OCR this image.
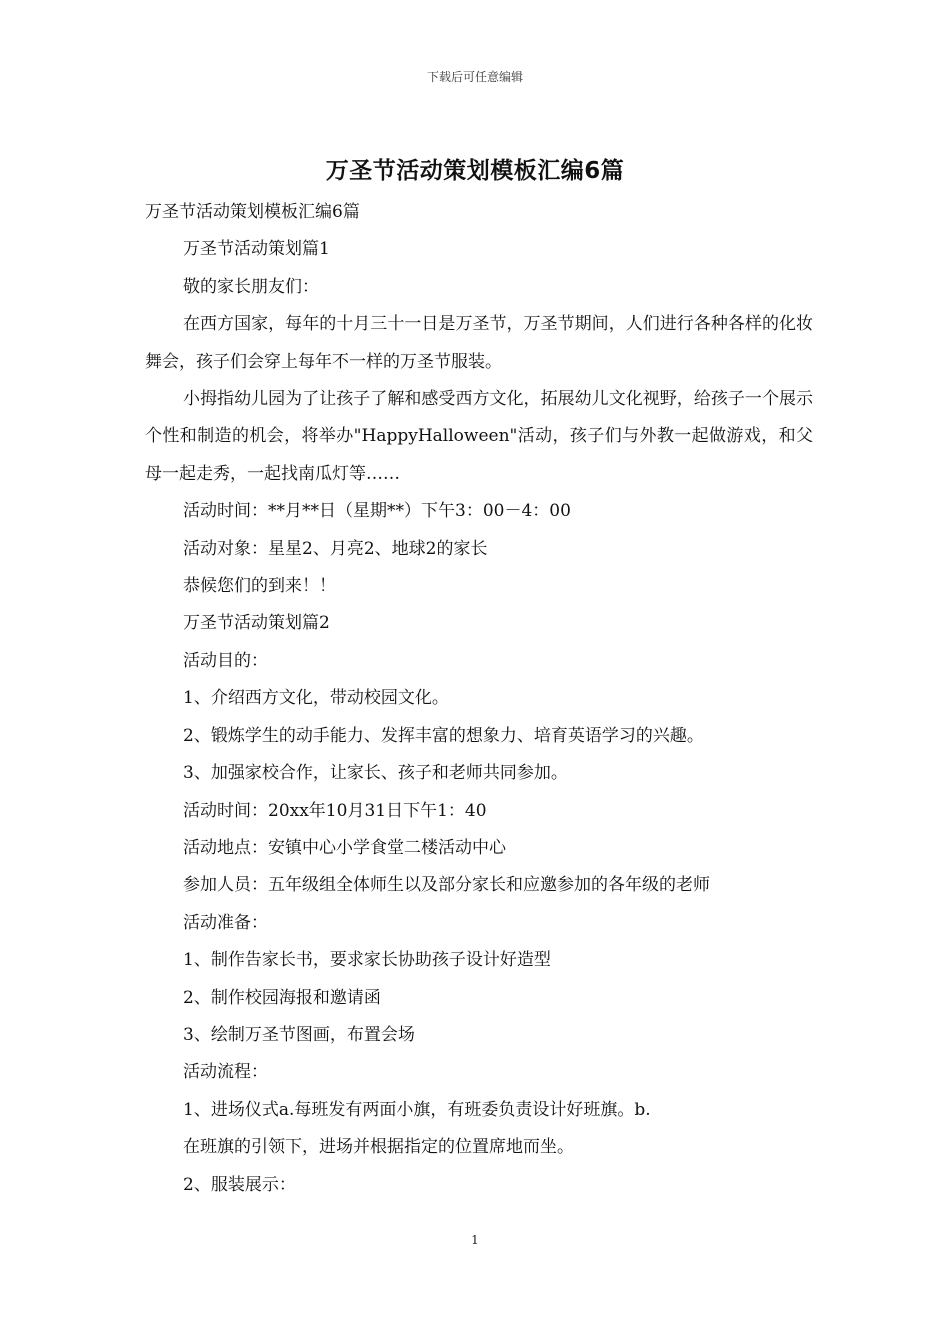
下载后可任意编辑
万圣节活动策划模板汇编6篇

万圣节活动策划模板汇编6篇

万圣节活动策划篇1

敬的家长朋友们：

在西方国家，每年的十月三十一日是万圣节，万圣节期间，人们进行各种各样的化妆舞会，孩子们会穿上每年不一样的万圣节服装。

小拇指幼儿园为了让孩子了解和感受西方文化，拓展幼儿文化视野，给孩子一个展示个性和制造的机会，将举办"HappyHalloween"活动，孩子们与外教一起做游戏，和父母一起走秀，一起找南瓜灯等……

活动时间：**月**日（星期**）下午3：00－4：00

活动对象：星星2、月亮2、地球2的家长

恭候您们的到来！！

万圣节活动策划篇2

活动目的：

1、介绍西方文化，带动校园文化。

2、锻炼学生的动手能力、发挥丰富的想象力、培育英语学习的兴趣。

3、加强家校合作，让家长、孩子和老师共同参加。

活动时间：20xx年10月31日下午1：40

活动地点：安镇中心小学食堂二楼活动中心

参加人员：五年级组全体师生以及部分家长和应邀参加的各年级的老师

活动准备：

1、制作告家长书，要求家长协助孩子设计好造型

2、制作校园海报和邀请函

3、绘制万圣节图画，布置会场

活动流程：

1、进场仪式a.每班发有两面小旗，有班委负责设计好班旗。b.

在班旗的引领下，进场并根据指定的位置席地而坐。

2、服装展示：

1
